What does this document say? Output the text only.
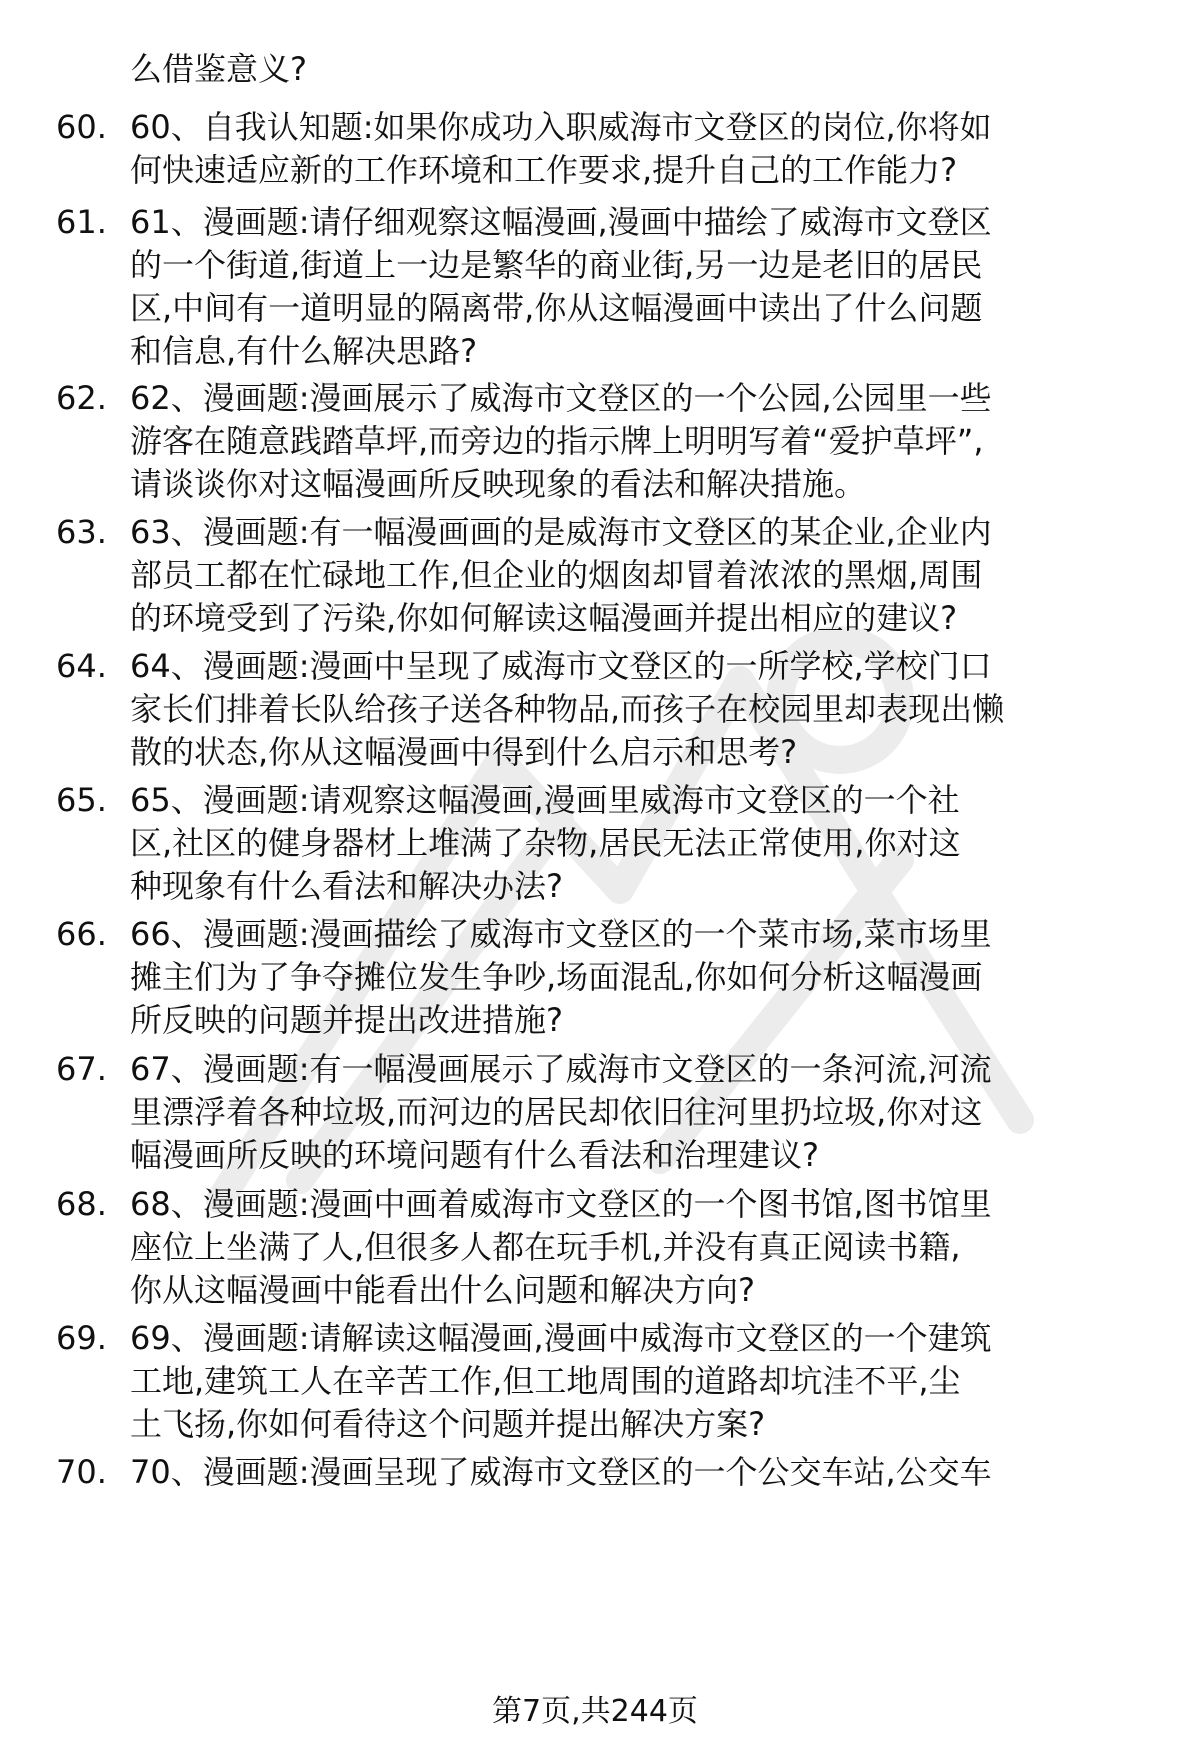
么借鉴意义?
60. 60、自我认知题:如果你成功入职威海市文登区的岗位,你将如
何快速适应新的工作环境和工作要求,提升自己的工作能力?
61. 61、漫画题:请仔细观察这幅漫画,漫画中描绘了威海市文登区
的一个街道,街道上一边是繁华的商业街,另一边是老旧的居民
区,中间有一道明显的隔离带,你从这幅漫画中读出了什么问题
和信息,有什么解决思路?
62. 62、漫画题:漫画展示了威海市文登区的一个公园,公园里一些
游客在随意践踏草坪,而旁边的指示牌上明明写着“爱护草坪”,
请谈谈你对这幅漫画所反映现象的看法和解决措施。
63. 63、漫画题:有一幅漫画画的是威海市文登区的某企业,企业内
部员工都在忙碌地工作,但企业的烟囱却冒着浓浓的黑烟,周围
的环境受到了污染,你如何解读这幅漫画并提出相应的建议?
64. 64、漫画题:漫画中呈现了威海市文登区的一所学校,学校门口
家长们排着长队给孩子送各种物品,而孩子在校园里却表现出懒
散的状态,你从这幅漫画中得到什么启示和思考?
65. 65、漫画题:请观察这幅漫画,漫画里威海市文登区的一个社
区,社区的健身器材上堆满了杂物,居民无法正常使用,你对这
种现象有什么看法和解决办法?
66. 66、漫画题:漫画描绘了威海市文登区的一个菜市场,菜市场里
摊主们为了争夺摊位发生争吵,场面混乱,你如何分析这幅漫画
所反映的问题并提出改进措施?
67. 67、漫画题:有一幅漫画展示了威海市文登区的一条河流,河流
里漂浮着各种垃圾,而河边的居民却依旧往河里扔垃圾,你对这
幅漫画所反映的环境问题有什么看法和治理建议?
68. 68、漫画题:漫画中画着威海市文登区的一个图书馆,图书馆里
座位上坐满了人,但很多人都在玩手机,并没有真正阅读书籍,
你从这幅漫画中能看出什么问题和解决方向?
69. 69、漫画题:请解读这幅漫画,漫画中威海市文登区的一个建筑
工地,建筑工人在辛苦工作,但工地周围的道路却坑洼不平,尘
土飞扬,你如何看待这个问题并提出解决方案?
70. 70、漫画题:漫画呈现了威海市文登区的一个公交车站,公交车
第7页,共244页
